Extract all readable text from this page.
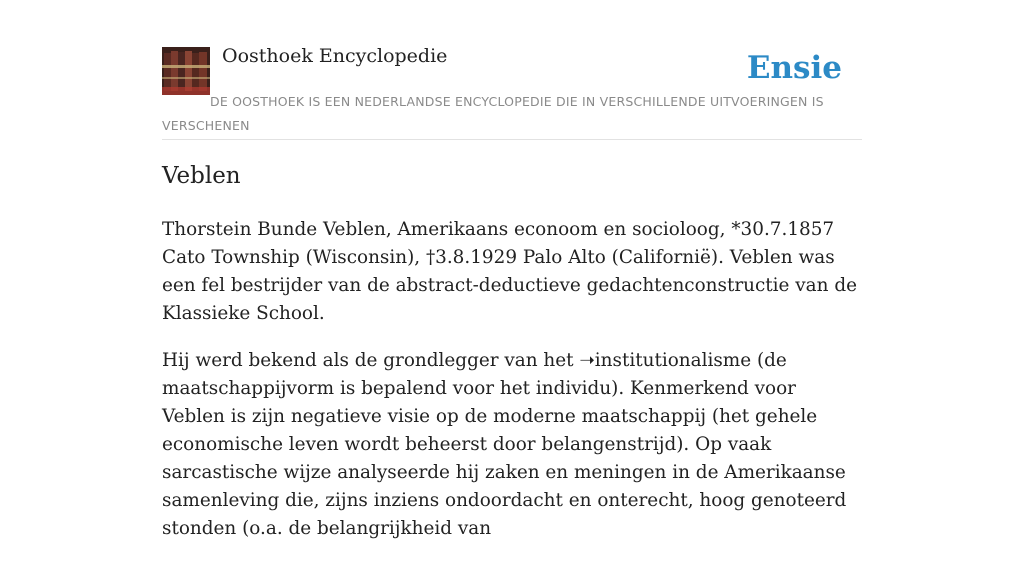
Oosthoek Encyclopedie	Ensie
DE OOSTHOEK IS EEN NEDERLANDSE ENCYCLOPEDIE DIE IN VERSCHILLENDE UITVOERINGEN IS VERSCHENEN
Veblen

Thorstein Bunde Veblen, Amerikaans econoom en socioloog, *30.7.1857 Cato Township (Wisconsin), †3.8.1929 Palo Alto (Californië). Veblen was een fel bestrijder van de abstract-deductieve gedachtenconstructie van de Klassieke School.

Hij werd bekend als de grondlegger van het ➝institutionalisme (de maatschappijvorm is bepalend voor het individu). Kenmerkend voor Veblen is zijn negatieve visie op de moderne maatschappij (het gehele economische leven wordt beheerst door belangenstrijd). Op vaak sarcastische wijze analyseerde hij zaken en meningen in de Amerikaanse samenleving die, zijns inziens ondoordacht en onterecht, hoog genoteerd stonden (o.a. de belangrijkheid van
